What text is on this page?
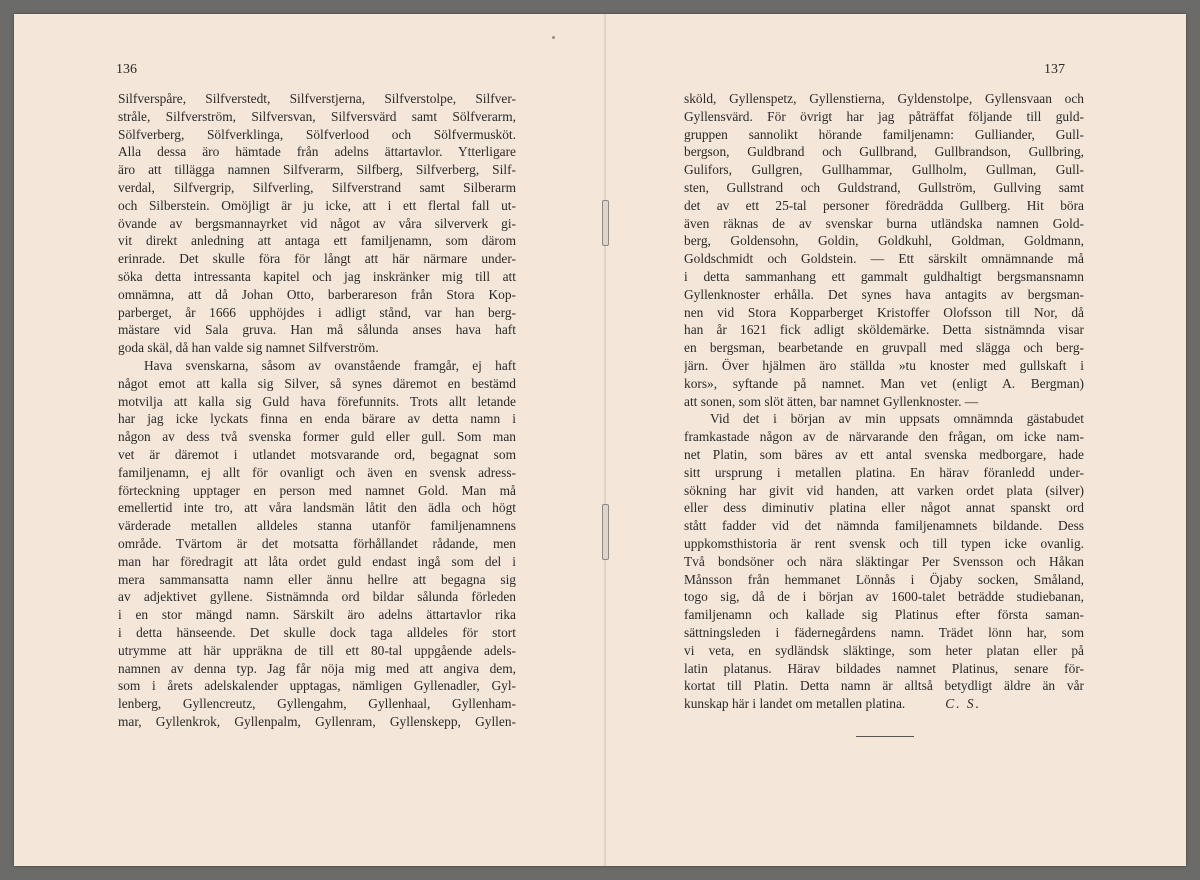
136
Silfverspåre, Silfverstedt, Silfverstjerna, Silfverstolpe, Silfver-
stråle, Silfverström, Silfversvan, Silfversvärd samt Sölfverarm,
Sölfverberg, Sölfverklinga, Sölfverlood och Sölfvermusköt.
Alla dessa äro hämtade från adelns ättartavlor. Ytterligare
äro att tillägga namnen Silfverarm, Silfberg, Silfverberg, Silf-
verdal, Silfvergrip, Silfverling, Silfverstrand samt Silberarm
och Silberstein. Omöjligt är ju icke, att i ett flertal fall ut-
övande av bergsmannayrket vid något av våra silververk gi-
vit direkt anledning att antaga ett familjenamn, som därom
erinrade. Det skulle föra för långt att här närmare under-
söka detta intressanta kapitel och jag inskränker mig till att
omnämna, att då Johan Otto, barberareson från Stora Kop-
parberget, år 1666 upphöjdes i adligt stånd, var han berg-
mästare vid Sala gruva. Han må sålunda anses hava haft
goda skäl, då han valde sig namnet Silfverström.
Hava svenskarna, såsom av ovanstående framgår, ej haft
något emot att kalla sig Silver, så synes däremot en bestämd
motvilja att kalla sig Guld hava förefunnits. Trots allt letande
har jag icke lyckats finna en enda bärare av detta namn i
någon av dess två svenska former guld eller gull. Som man
vet är däremot i utlandet motsvarande ord, begagnat som
familjenamn, ej allt för ovanligt och även en svensk adress-
förteckning upptager en person med namnet Gold. Man må
emellertid inte tro, att våra landsmän låtit den ädla och högt
värderade metallen alldeles stanna utanför familjenamnens
område. Tvärtom är det motsatta förhållandet rådande, men
man har föredragit att låta ordet guld endast ingå som del i
mera sammansatta namn eller ännu hellre att begagna sig
av adjektivet gyllene. Sistnämnda ord bildar sålunda förleden
i en stor mängd namn. Särskilt äro adelns ättartavlor rika
i detta hänseende. Det skulle dock taga alldeles för stort
utrymme att här uppräkna de till ett 80-tal uppgående adels-
namnen av denna typ. Jag får nöja mig med att angiva dem,
som i årets adelskalender upptagas, nämligen Gyllenadler, Gyl-
lenberg, Gyllencreutz, Gyllengahm, Gyllenhaal, Gyllenham-
mar, Gyllenkrok, Gyllenpalm, Gyllenram, Gyllenskepp, Gyllen-
137
sköld, Gyllenspetz, Gyllenstierna, Gyldenstolpe, Gyllensvaan och
Gyllensvärd. För övrigt har jag påträffat följande till guld-
gruppen sannolikt hörande familjenamn: Gulliander, Gull-
bergson, Guldbrand och Gullbrand, Gullbrandson, Gullbring,
Gulifors, Gullgren, Gullhammar, Gullholm, Gullman, Gull-
sten, Gullstrand och Guldstrand, Gullström, Gullving samt
det av ett 25-tal personer föredrädda Gullberg. Hit böra
även räknas de av svenskar burna utländska namnen Gold-
berg, Goldensohn, Goldin, Goldkuhl, Goldman, Goldmann,
Goldschmidt och Goldstein. — Ett särskilt omnämnande må
i detta sammanhang ett gammalt guldhaltigt bergsmansnamn
Gyllenknoster erhålla. Det synes hava antagits av bergsman-
nen vid Stora Kopparberget Kristoffer Olofsson till Nor, då
han år 1621 fick adligt sköldemärke. Detta sistnämnda visar
en bergsman, bearbetande en gruvpall med slägga och berg-
järn. Över hjälmen äro ställda »tu knoster med gullskaft i
kors», syftande på namnet. Man vet (enligt A. Bergman)
att sonen, som slöt ätten, bar namnet Gyllenknoster. —
Vid det i början av min uppsats omnämnda gästabudet
framkastade någon av de närvarande den frågan, om icke nam-
net Platin, som bäres av ett antal svenska medborgare, hade
sitt ursprung i metallen platina. En härav föranledd under-
sökning har givit vid handen, att varken ordet plata (silver)
eller dess diminutiv platina eller något annat spanskt ord
stått fadder vid det nämnda familjenamnets bildande. Dess
uppkomsthistoria är rent svensk och till typen icke ovanlig.
Två bondsöner och nära släktingar Per Svensson och Håkan
Månsson från hemmanet Lönnås i Öjaby socken, Småland,
togo sig, då de i början av 1600-talet beträdde studiebanan,
familjenamn och kallade sig Platinus efter första saman-
sättningsleden i fädernegårdens namn. Trädet lönn har, som
vi veta, en sydländsk släktinge, som heter platan eller på
latin platanus. Härav bildades namnet Platinus, senare för-
kortat till Platin. Detta namn är alltså betydligt äldre än vår
kunskap här i landet om metallen platina.	C. S.
